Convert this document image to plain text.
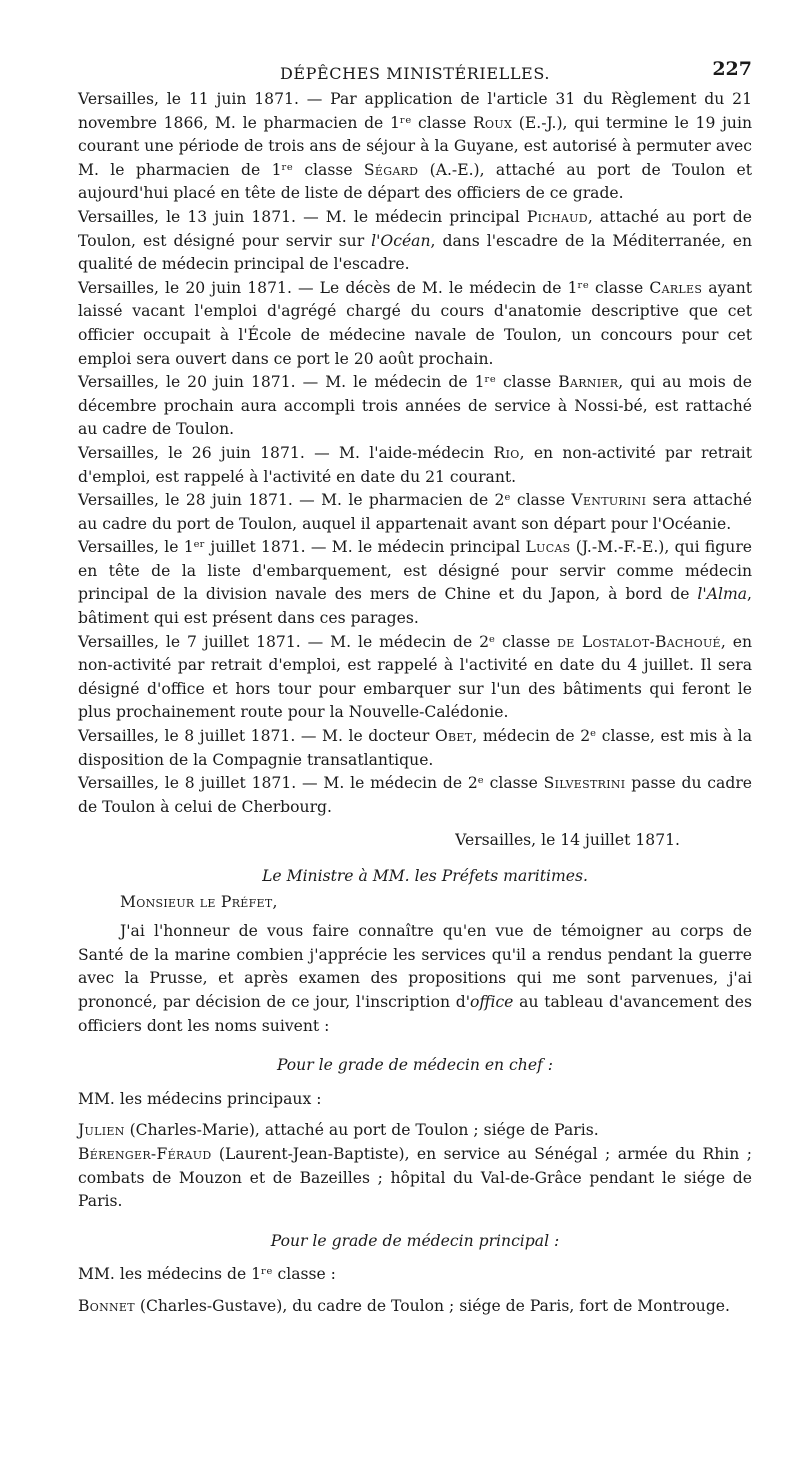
DÉPÊCHES MINISTÉRIELLES.	227

Versailles, le 11 juin 1871. — Par application de l'article 31 du Règlement du 21 novembre 1866, M. le pharmacien de 1ʳᵉ classe Roux (E.-J.), qui termine le 19 juin courant une période de trois ans de séjour à la Guyane, est autorisé à permuter avec M. le pharmacien de 1ʳᵉ classe Ségard (A.-E.), attaché au port de Toulon et aujourd'hui placé en tête de liste de départ des officiers de ce grade.

Versailles, le 13 juin 1871. — M. le médecin principal Pichaud, attaché au port de Toulon, est désigné pour servir sur l'Océan, dans l'escadre de la Méditerranée, en qualité de médecin principal de l'escadre.

Versailles, le 20 juin 1871. — Le décès de M. le médecin de 1ʳᵉ classe Carles ayant laissé vacant l'emploi d'agrégé chargé du cours d'anatomie descriptive que cet officier occupait à l'École de médecine navale de Toulon, un concours pour cet emploi sera ouvert dans ce port le 20 août prochain.

Versailles, le 20 juin 1871. — M. le médecin de 1ʳᵉ classe Barnier, qui au mois de décembre prochain aura accompli trois années de service à Nossi-bé, est rattaché au cadre de Toulon.

Versailles, le 26 juin 1871. — M. l'aide-médecin Rio, en non-activité par retrait d'emploi, est rappelé à l'activité en date du 21 courant.

Versailles, le 28 juin 1871. — M. le pharmacien de 2ᵉ classe Venturini sera attaché au cadre du port de Toulon, auquel il appartenait avant son départ pour l'Océanie.

Versailles, le 1ᵉʳ juillet 1871. — M. le médecin principal Lucas (J.-M.-F.-E.), qui figure en tête de la liste d'embarquement, est désigné pour servir comme médecin principal de la division navale des mers de Chine et du Japon, à bord de l'Alma, bâtiment qui est présent dans ces parages.

Versailles, le 7 juillet 1871. — M. le médecin de 2ᵉ classe de Lostalot-Bachoué, en non-activité par retrait d'emploi, est rappelé à l'activité en date du 4 juillet. Il sera désigné d'office et hors tour pour embarquer sur l'un des bâtiments qui feront le plus prochainement route pour la Nouvelle-Calédonie.

Versailles, le 8 juillet 1871. — M. le docteur Obet, médecin de 2ᵉ classe, est mis à la disposition de la Compagnie transatlantique.

Versailles, le 8 juillet 1871. — M. le médecin de 2ᵉ classe Silvestrini passe du cadre de Toulon à celui de Cherbourg.

Versailles, le 14 juillet 1871.

Le Ministre à MM. les Préfets maritimes.

Monsieur le Préfet,

J'ai l'honneur de vous faire connaître qu'en vue de témoigner au corps de Santé de la marine combien j'apprécie les services qu'il a rendus pendant la guerre avec la Prusse, et après examen des propositions qui me sont parvenues, j'ai prononcé, par décision de ce jour, l'inscription d'office au tableau d'avancement des officiers dont les noms suivent :

Pour le grade de médecin en chef :

MM. les médecins principaux :

Julien (Charles-Marie), attaché au port de Toulon ; siége de Paris.

Bérenger-Féraud (Laurent-Jean-Baptiste), en service au Sénégal ; armée du Rhin ; combats de Mouzon et de Bazeilles ; hôpital du Val-de-Grâce pendant le siége de Paris.

Pour le grade de médecin principal :

MM. les médecins de 1ʳᵉ classe :

Bonnet (Charles-Gustave), du cadre de Toulon ; siége de Paris, fort de Montrouge.
